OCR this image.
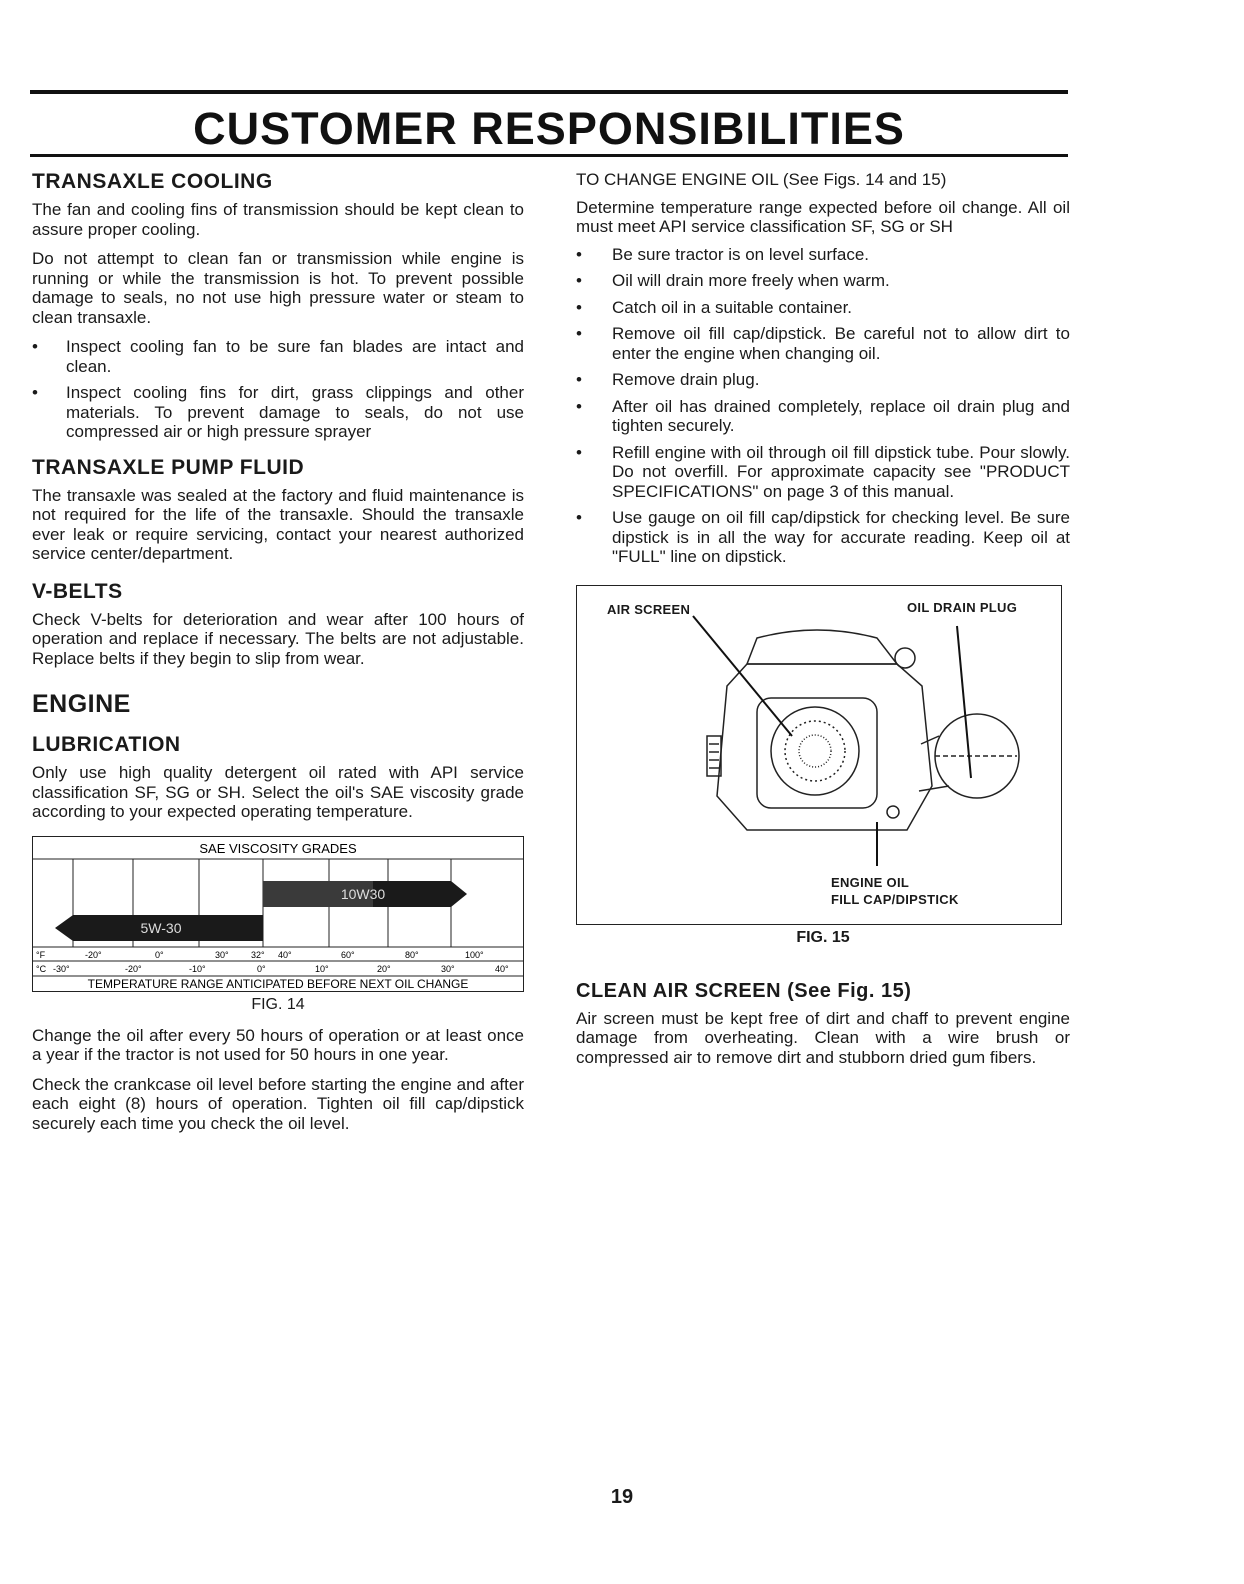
CUSTOMER RESPONSIBILITIES
TRANSAXLE COOLING

The fan and cooling fins of transmission should be kept clean to assure proper cooling.

Do not attempt to clean fan or transmission while engine is running or while the transmission is hot. To prevent possible damage to seals, no not use high pressure water or steam to clean transaxle.

• Inspect cooling fan to be sure fan blades are intact and clean.
• Inspect cooling fins for dirt, grass clippings and other materials. To prevent damage to seals, do not use compressed air or high pressure sprayer
TRANSAXLE PUMP FLUID

The transaxle was sealed at the factory and fluid maintenance is not required for the life of the transaxle. Should the transaxle ever leak or require servicing, contact your nearest authorized service center/department.

V-BELTS

Check V-belts for deterioration and wear after 100 hours of operation and replace if necessary. The belts are not adjustable. Replace belts if they begin to slip from wear.

ENGINE
LUBRICATION

Only use high quality detergent oil rated with API service classification SF, SG or SH. Select the oil's SAE viscosity grade according to your expected operating temperature.

SAE VISCOSITY GRADES
10W30
5W-30
°F	-20°	0°	30° 32° 40°	60°	80°	100°
°C -30°	-20°	-10°	0°	10°	20°	30°	40°
TEMPERATURE RANGE ANTICIPATED BEFORE NEXT OIL CHANGE
FIG. 14

Change the oil after every 50 hours of operation or at least once a year if the tractor is not used for 50 hours in one year.

Check the crankcase oil level before starting the engine and after each eight (8) hours of operation. Tighten oil fill cap/dipstick securely each time you check the oil level.

TO CHANGE ENGINE OIL (See Figs. 14 and 15)

Determine temperature range expected before oil change. All oil must meet API service classification SF, SG or SH

• Be sure tractor is on level surface.
• Oil will drain more freely when warm.
• Catch oil in a suitable container.
• Remove oil fill cap/dipstick. Be careful not to allow dirt to enter the engine when changing oil.
• Remove drain plug.
• After oil has drained completely, replace oil drain plug and tighten securely.
• Refill engine with oil through oil fill dipstick tube. Pour slowly. Do not overfill. For approximate capacity see "PRODUCT SPECIFICATIONS" on page 3 of this manual.
• Use gauge on oil fill cap/dipstick for checking level. Be sure dipstick is in all the way for accurate reading. Keep oil at "FULL" line on dipstick.
AIR SCREEN	OIL DRAIN PLUG
ENGINE OIL
FILL CAP/DIPSTICK
FIG. 15
CLEAN AIR SCREEN (See Fig. 15)

Air screen must be kept free of dirt and chaff to prevent engine damage from overheating. Clean with a wire brush or compressed air to remove dirt and stubborn dried gum fibers.

19
